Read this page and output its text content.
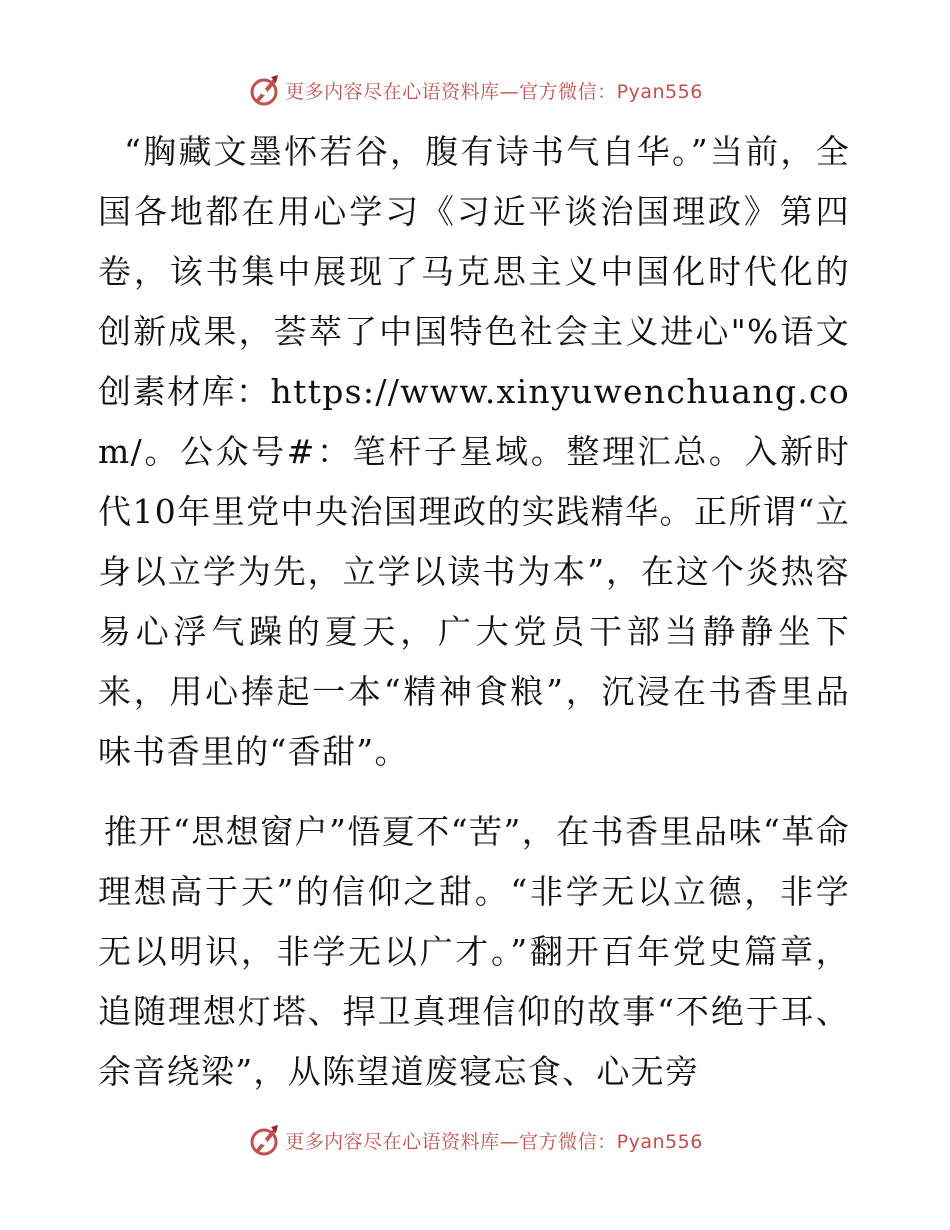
更多内容尽在心语资料库—官方微信：Pyan556

“胸藏文墨怀若谷，腹有诗书气自华。”当前，全国各地都在用心学习《习近平谈治国理政》第四卷，该书集中展现了马克思主义中国化时代化的创新成果，荟萃了中国特色社会主义进心"%语文创素材库：https://www.xinyuwenchuang.com/。公众号#：笔杆子星域。整理汇总。入新时代10年里党中央治国理政的实践精华。正所谓“立身以立学为先，立学以读书为本”，在这个炎热容易心浮气躁的夏天，广大党员干部当静静坐下来，用心捧起一本“精神食粮”，沉浸在书香里品味书香里的“香甜”。

推开“思想窗户”悟夏不“苦”，在书香里品味“革命理想高于天”的信仰之甜。“非学无以立德，非学无以明识，非学无以广才。”翻开百年党史篇章，追随理想灯塔、捍卫真理信仰的故事“不绝于耳、余音绕梁”，从陈望道废寝忘食、心无旁

更多内容尽在心语资料库—官方微信：Pyan556
